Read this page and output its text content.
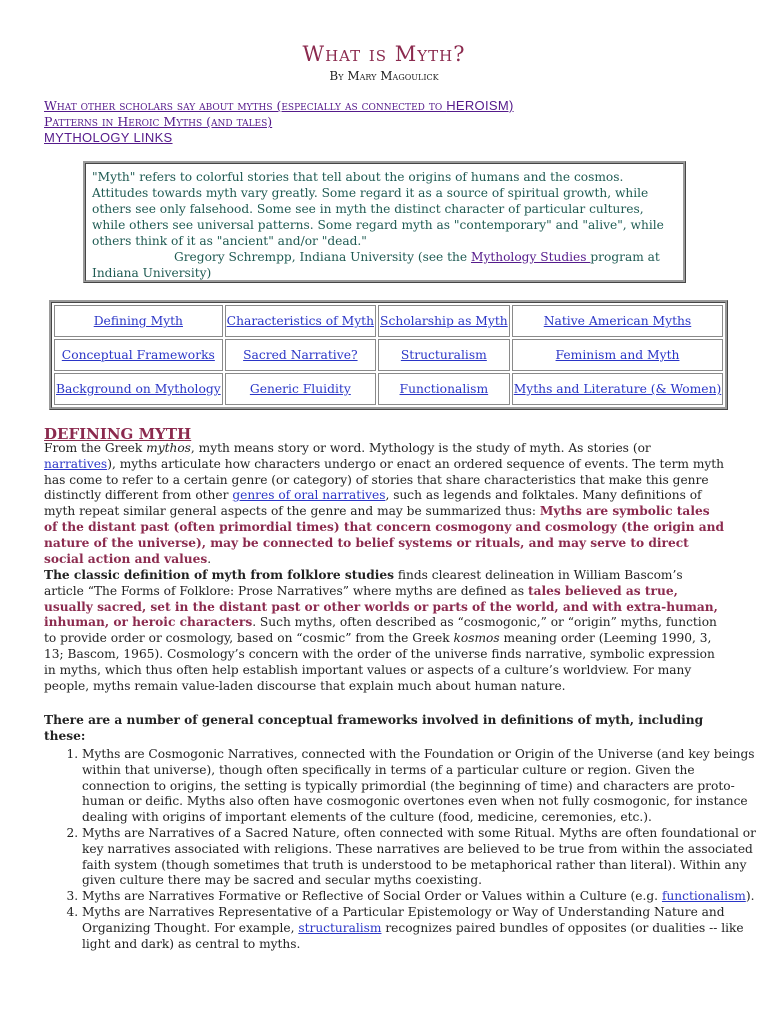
What is Myth?
By Mary Magoulick
What other scholars say about myths (especially as connected to HEROISM)
Patterns in Heroic Myths (and tales)
MYTHOLOGY LINKS
"Myth" refers to colorful stories that tell about the origins of humans and the cosmos. Attitudes towards myth vary greatly. Some regard it as a source of spiritual growth, while others see only falsehood. Some see in myth the distinct character of particular cultures, while others see universal patterns. Some regard myth as "contemporary" and "alive", while others think of it as "ancient" and/or "dead."
Gregory Schrempp, Indiana University (see the Mythology Studies program at Indiana University)
Defining Myth	Characteristics of Myth	Scholarship as Myth	Native American Myths
Conceptual Frameworks	Sacred Narrative?	Structuralism	Feminism and Myth
Background on Mythology	Generic Fluidity	Functionalism	Myths and Literature (& Women)
DEFINING MYTH
From the Greek mythos, myth means story or word. Mythology is the study of myth. As stories (or narratives), myths articulate how characters undergo or enact an ordered sequence of events. The term myth has come to refer to a certain genre (or category) of stories that share characteristics that make this genre distinctly different from other genres of oral narratives, such as legends and folktales. Many definitions of myth repeat similar general aspects of the genre and may be summarized thus: Myths are symbolic tales of the distant past (often primordial times) that concern cosmogony and cosmology (the origin and nature of the universe), may be connected to belief systems or rituals, and may serve to direct social action and values.
The classic definition of myth from folklore studies finds clearest delineation in William Bascom’s article “The Forms of Folklore: Prose Narratives” where myths are defined as tales believed as true, usually sacred, set in the distant past or other worlds or parts of the world, and with extra-human, inhuman, or heroic characters. Such myths, often described as “cosmogonic,” or “origin” myths, function to provide order or cosmology, based on “cosmic” from the Greek kosmos meaning order (Leeming 1990, 3, 13; Bascom, 1965). Cosmology’s concern with the order of the universe finds narrative, symbolic expression in myths, which thus often help establish important values or aspects of a culture’s worldview. For many people, myths remain value-laden discourse that explain much about human nature.
There are a number of general conceptual frameworks involved in definitions of myth, including these:
1. Myths are Cosmogonic Narratives, connected with the Foundation or Origin of the Universe (and key beings within that universe), though often specifically in terms of a particular culture or region. Given the connection to origins, the setting is typically primordial (the beginning of time) and characters are proto-human or deific. Myths also often have cosmogonic overtones even when not fully cosmogonic, for instance dealing with origins of important elements of the culture (food, medicine, ceremonies, etc.).
2. Myths are Narratives of a Sacred Nature, often connected with some Ritual. Myths are often foundational or key narratives associated with religions. These narratives are believed to be true from within the associated faith system (though sometimes that truth is understood to be metaphorical rather than literal). Within any given culture there may be sacred and secular myths coexisting.
3. Myths are Narratives Formative or Reflective of Social Order or Values within a Culture (e.g. functionalism).
4. Myths are Narratives Representative of a Particular Epistemology or Way of Understanding Nature and Organizing Thought. For example, structuralism recognizes paired bundles of opposites (or dualities -- like light and dark) as central to myths.
